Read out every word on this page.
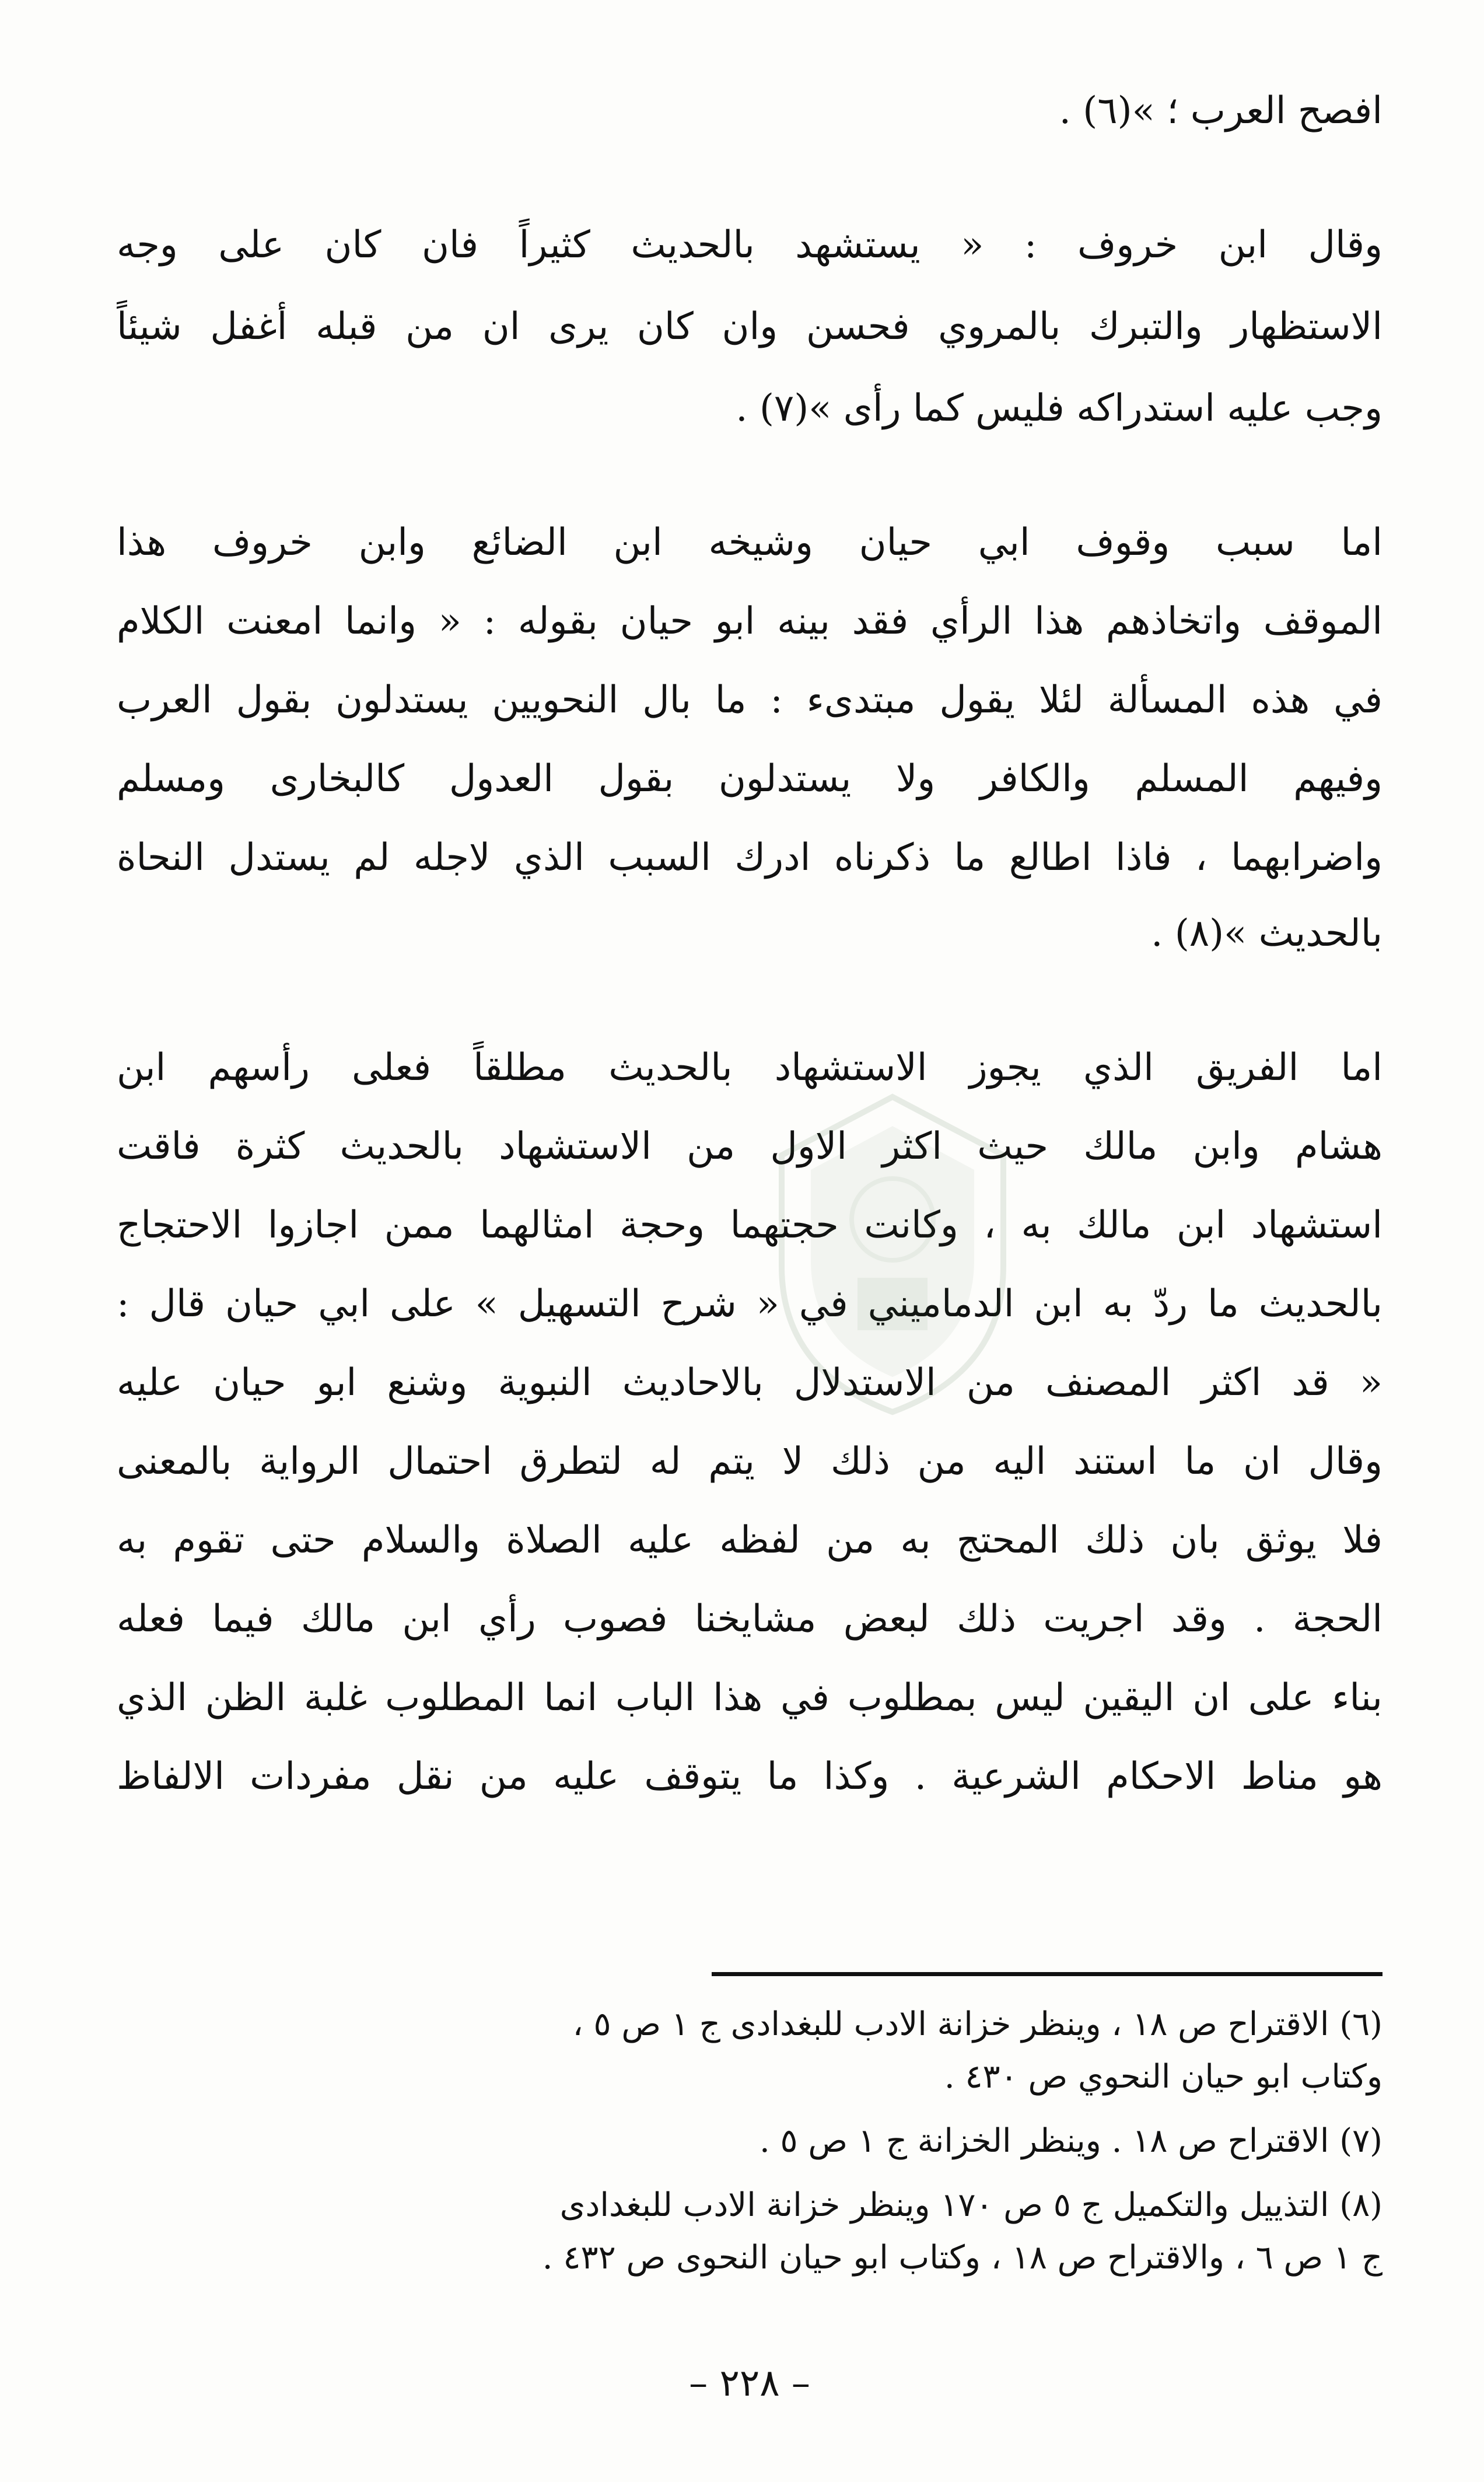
افصح العرب ؛ »(٦) .
وقال ابن خروف : « يستشهد بالحديث كثيراً فان كان على وجه
الاستظهار والتبرك بالمروي فحسن وان كان يرى ان من قبله أغفل شيئاً
وجب عليه استدراكه فليس كما رأى »(٧) .
اما سبب وقوف ابي حيان وشيخه ابن الضائع وابن خروف هذا
الموقف واتخاذهم هذا الرأي فقد بينه ابو حيان بقوله : « وانما امعنت الكلام
في هذه المسألة لئلا يقول مبتدىء : ما بال النحويين يستدلون بقول العرب
وفيهم المسلم والكافر ولا يستدلون بقول العدول كالبخارى ومسلم
واضرابهما ، فاذا اطالع ما ذكرناه ادرك السبب الذي لاجله لم يستدل النحاة
بالحديث »(٨) .
اما الفريق الذي يجوز الاستشهاد بالحديث مطلقاً فعلى رأسهم ابن
هشام وابن مالك حيث اكثر الاول من الاستشهاد بالحديث كثرة فاقت
استشهاد ابن مالك به ، وكانت حجتهما وحجة امثالهما ممن اجازوا الاحتجاج
بالحديث ما ردّ به ابن الدماميني في « شرح التسهيل » على ابي حيان قال :
« قد اكثر المصنف من الاستدلال بالاحاديث النبوية وشنع ابو حيان عليه
وقال ان ما استند اليه من ذلك لا يتم له لتطرق احتمال الرواية بالمعنى
فلا يوثق بان ذلك المحتج به من لفظه عليه الصلاة والسلام حتى تقوم به
الحجة . وقد اجريت ذلك لبعض مشايخنا فصوب رأي ابن مالك فيما فعله
بناء على ان اليقين ليس بمطلوب في هذا الباب انما المطلوب غلبة الظن الذي
هو مناط الاحكام الشرعية . وكذا ما يتوقف عليه من نقل مفردات الالفاظ
(٦) الاقتراح ص ١٨ ، وينظر خزانة الادب للبغدادى ج ١ ص ٥ ،
وكتاب ابو حيان النحوي ص ٤٣٠ .
(٧) الاقتراح ص ١٨ . وينظر الخزانة ج ١ ص ٥ .
(٨) التذييل والتكميل ج ٥ ص ١٧٠ وينظر خزانة الادب للبغدادى
ج ١ ص ٦ ، والاقتراح ص ١٨ ، وكتاب ابو حيان النحوى ص ٤٣٢ .
– ٢٢٨ –
